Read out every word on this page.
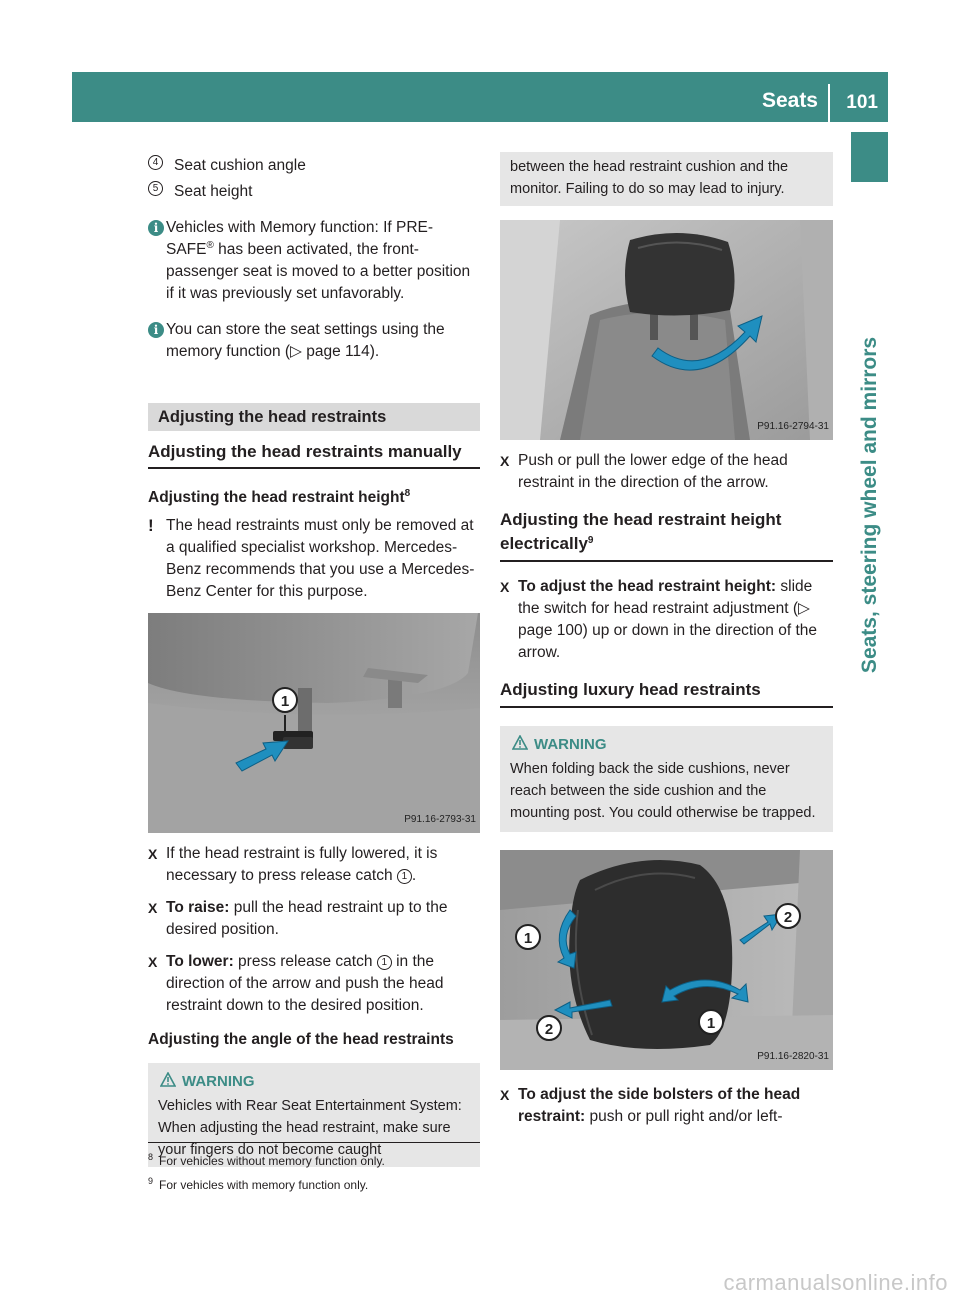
Seats 101
Seats, steering wheel and mirrors
4	Seat cushion angle
5	Seat height
i Vehicles with Memory function: If PRE-SAFE® has been activated, the front-passenger seat is moved to a better position if it was previously set unfavorably.
i You can store the seat settings using the memory function (▷ page 114).
Adjusting the head restraints
Adjusting the head restraints manually
Adjusting the head restraint height$^8$
! The head restraints must only be removed at a qualified specialist workshop. Mercedes-Benz recommends that you use a Mercedes-Benz Center for this purpose.
1
P91.16-2793-31
X If the head restraint is fully lowered, it is necessary to press release catch 1 .
X To raise: pull the head restraint up to the desired position.
X To lower: press release catch 1 in the direction of the arrow and push the head restraint down to the desired position.
Adjusting the angle of the head restraints
WARNING
Vehicles with Rear Seat Entertainment System: When adjusting the head restraint, make sure your fingers do not become caught
$^8$ For vehicles without memory function only.
$^9$ For vehicles with memory function only.
between the head restraint cushion and the monitor. Failing to do so may lead to injury.
P91.16-2794-31
X Push or pull the lower edge of the head restraint in the direction of the arrow.
Adjusting the head restraint height electrically$^9$
X To adjust the head restraint height: slide the switch for head restraint adjustment (▷ page 100) up or down in the direction of the arrow.
Adjusting luxury head restraints
WARNING
When folding back the side cushions, never reach between the side cushion and the mounting post. You could otherwise be trapped.
1
2
2	1
P91.16-2820-31
X To adjust the side bolsters of the head restraint: push or pull right and/or left-
carmanualsonline.info
